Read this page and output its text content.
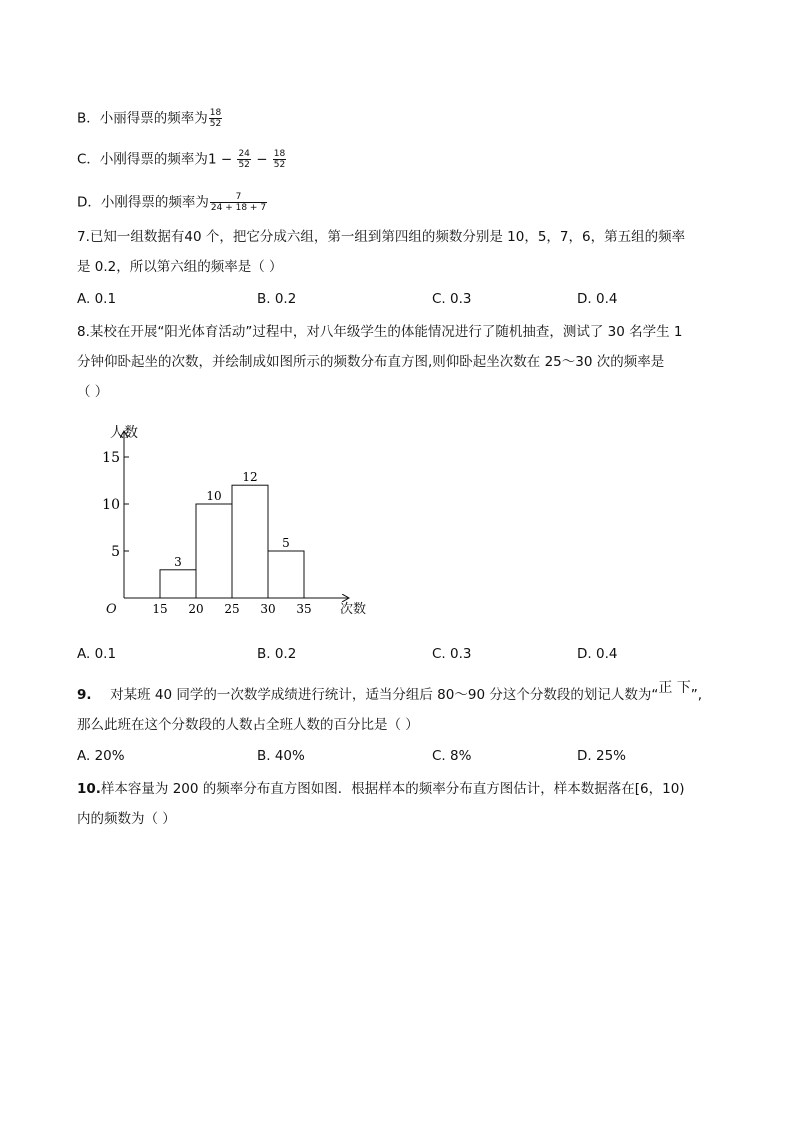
B．小丽得票的频率为 $\frac{18}{52}$
C．小刚得票的频率为$1 - \frac{24}{52} - \frac{18}{52}$
D．小刚得票的频率为 $\frac{7}{24 + 18 + 7}$
7.已知一组数据有40 个，把它分成六组，第一组到第四组的频数分别是 10，5，7，6，第五组的频率
是 0.2，所以第六组的频率是（ ）
A. 0.1	B. 0.2	C. 0.3	D. 0.4
8.某校在开展“阳光体育活动”过程中，对八年级学生的体能情况进行了随机抽查，测试了 30 名学生 1
分钟仰卧起坐的次数，并绘制成如图所示的频数分布直方图,则仰卧起坐次数在 25～30 次的频率是
（ ）
3
10
12
5
15 20 25 30 35
5
10
15
人数
次数
O
A. 0.1	B. 0.2	C. 0.3	D. 0.4
9. 对某班 40 同学的一次数学成绩进行统计，适当分组后 80～90 分这个分数段的划记人数为“正 下”,
那么此班在这个分数段的人数占全班人数的百分比是（ ）
A. 20%	B. 40%	C. 8%	D. 25%
10.样本容量为 200 的频率分布直方图如图．根据样本的频率分布直方图估计，样本数据落在[6，10)
内的频数为（ ）
